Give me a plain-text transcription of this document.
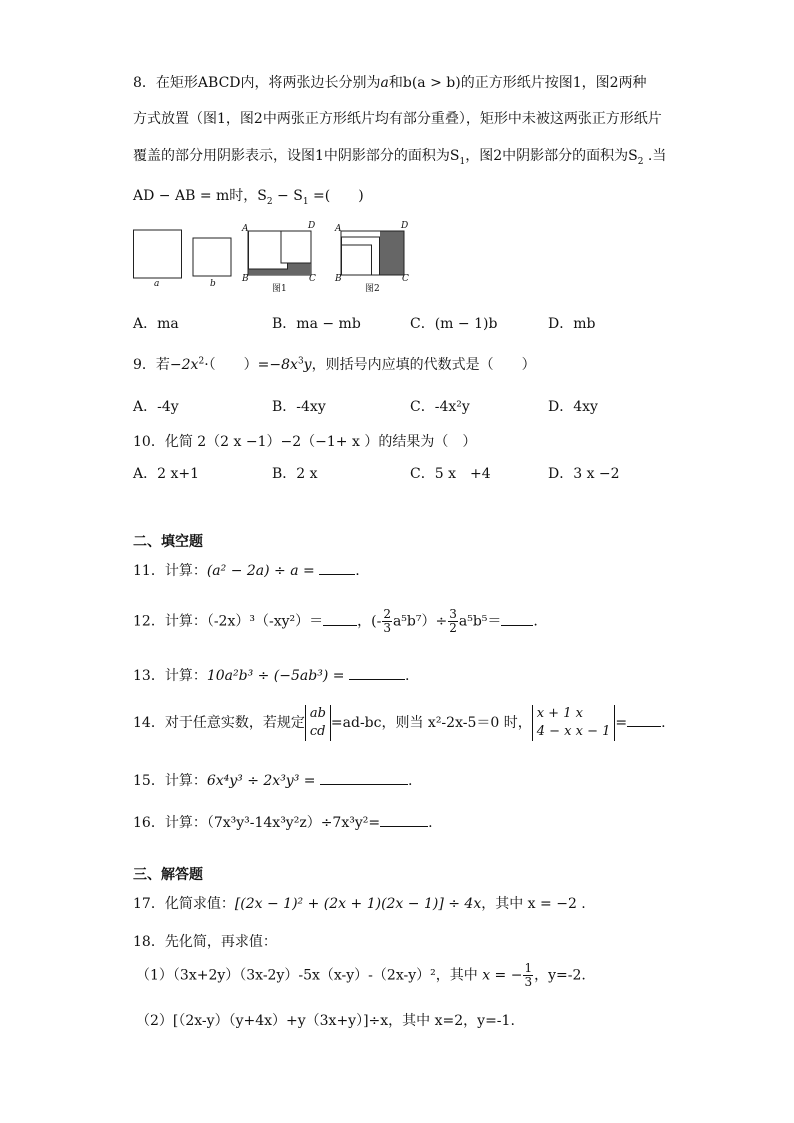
8．在矩形ABCD内，将两张边长分别为a和b(a > b)的正方形纸片按图1，图2两种
方式放置（图1，图2中两张正方形纸片均有部分重叠），矩形中未被这两张正方形纸片
覆盖的部分用阴影表示，设图1中阴影部分的面积为$S_1$，图2中阴影部分的面积为$S_2$ .当
AD − AB = m时，$S_2 - S_1$ =(　　)
a	b
A	D
B	C
图1
A	D
B	C
图2
A．ma	B．ma − mb	C．(m − 1)b	D．mb
9．若$-2x^2\cdot$（　　）$=-8x^3y$，则括号内应填的代数式是（　　）
A．-4y	B．-4xy	C．-4x²y	D．4xy
10．化简 2（2 x −1）−2（−1+ x ）的结果为（　）
A．2 x+1	B．2 x	C．5 x　+4	D．3 x −2
二、填空题
11．计算：(a² − 2a) ÷ a =	.
12．计算：（-2x）³（-xy²）＝ ，(- $\frac{2}{3} a^5b^7)\div \frac{3}{2} a^5b^5=$ .
13．计算：10a²b³ ÷ (−5ab³) =	.
14．对于任意实数，若规定ab
cd=ad-bc，则当 x²-2x-5＝0 时，x + 1 x
4 − x x − 1= .
15．计算：6x⁴y³ ÷ 2x³y³ =	.
16．计算：（7x³y³-14x³y²z）÷7x³y²=	.
三、解答题
17．化简求值：[(2x − 1)² + (2x + 1)(2x − 1)] ÷ 4x，其中 x = −2 .
18．先化简，再求值：
（1）（3x+2y）（3x-2y）-5x（x-y）-（2x-y）²，其中 x = − $\frac{1}{3}$ ，y=-2.
（2）[（2x-y）（y+4x）+y（3x+y）]÷x，其中 x=2，y=-1.
